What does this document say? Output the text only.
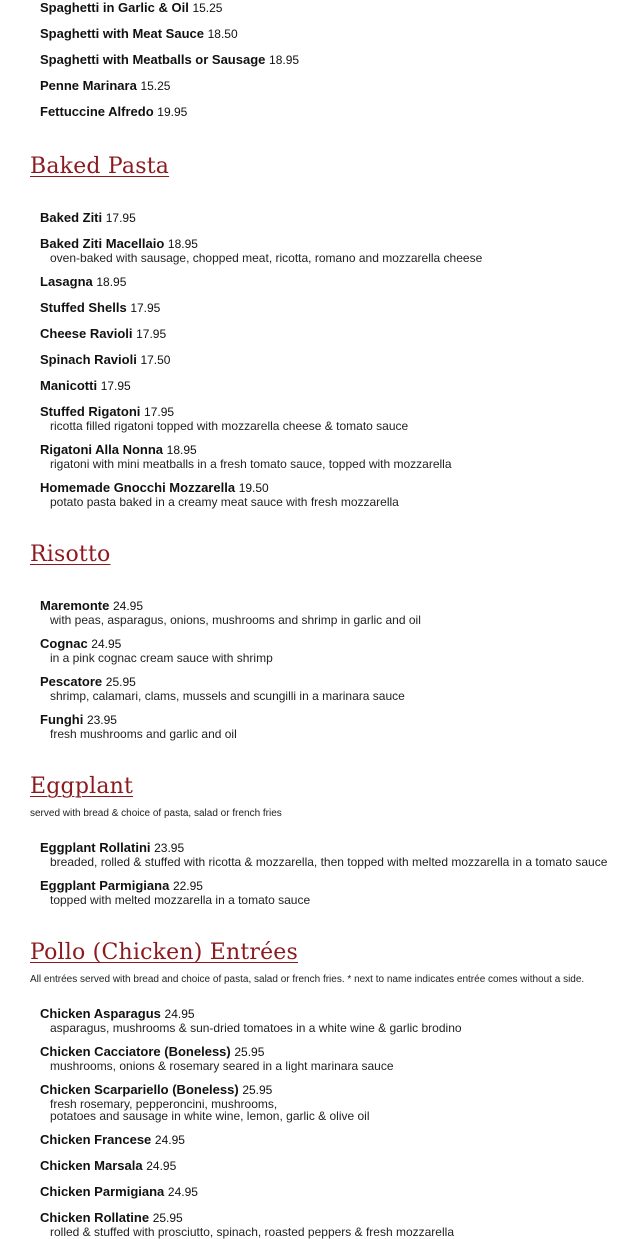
Spaghetti in Garlic & Oil 15.25
Spaghetti with Meat Sauce 18.50
Spaghetti with Meatballs or Sausage 18.95
Penne Marinara 15.25
Fettuccine Alfredo 19.95
Baked Pasta
Baked Ziti 17.95
Baked Ziti Macellaio 18.95
oven-baked with sausage, chopped meat, ricotta, romano and mozzarella cheese
Lasagna 18.95
Stuffed Shells 17.95
Cheese Ravioli 17.95
Spinach Ravioli 17.50
Manicotti 17.95
Stuffed Rigatoni 17.95
ricotta filled rigatoni topped with mozzarella cheese & tomato sauce
Rigatoni Alla Nonna 18.95
rigatoni with mini meatballs in a fresh tomato sauce, topped with mozzarella
Homemade Gnocchi Mozzarella 19.50
potato pasta baked in a creamy meat sauce with fresh mozzarella
Risotto
Maremonte 24.95
with peas, asparagus, onions, mushrooms and shrimp in garlic and oil
Cognac 24.95
in a pink cognac cream sauce with shrimp
Pescatore 25.95
shrimp, calamari, clams, mussels and scungilli in a marinara sauce
Funghi 23.95
fresh mushrooms and garlic and oil
Eggplant
served with bread & choice of pasta, salad or french fries
Eggplant Rollatini 23.95
breaded, rolled & stuffed with ricotta & mozzarella, then topped with melted mozzarella in a tomato sauce
Eggplant Parmigiana 22.95
topped with melted mozzarella in a tomato sauce
Pollo (Chicken) Entrées
All entrées served with bread and choice of pasta, salad or french fries. * next to name indicates entrée comes without a side.
Chicken Asparagus 24.95
asparagus, mushrooms & sun-dried tomatoes in a white wine & garlic brodino
Chicken Cacciatore (Boneless) 25.95
mushrooms, onions & rosemary seared in a light marinara sauce
Chicken Scarpariello (Boneless) 25.95
fresh rosemary, pepperoncini, mushrooms,
potatoes and sausage in white wine, lemon, garlic & olive oil
Chicken Francese 24.95
Chicken Marsala 24.95
Chicken Parmigiana 24.95
Chicken Rollatine 25.95
rolled & stuffed with prosciutto, spinach, roasted peppers & fresh mozzarella
